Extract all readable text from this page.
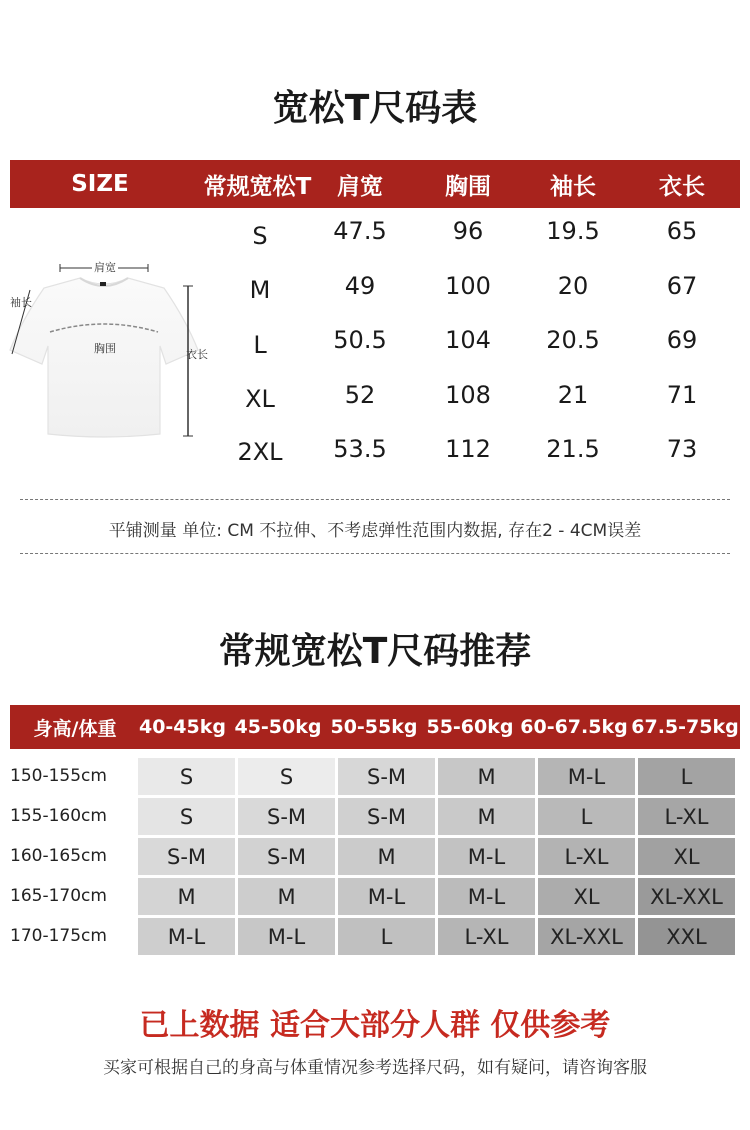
宽松T尺码表
SIZE	常规宽松T	肩宽	胸围	袖长	衣长
肩宽
袖长
胸围	衣长
S	47.5	96	19.5	65
M	49	100	20	67
L	50.5	104	20.5	69
XL	52	108	21	71
2XL	53.5	112	21.5	73
平铺测量 单位: CM 不拉伸、不考虑弹性范围内数据, 存在2 - 4CM误差
常规宽松T尺码推荐
身高/体重	40-45kg 45-50kg 50-55kg 55-60kg 60-67.5kg 67.5-75kg
150-155cm	S	S	S-M	M	M-L	L
155-160cm	S	S-M	S-M	M	L	L-XL
160-165cm	S-M	S-M	M	M-L	L-XL	XL
165-170cm	M	M	M-L	M-L	XL	XL-XXL
170-175cm	M-L	M-L	L	L-XL	XL-XXL	XXL
已上数据 适合大部分人群 仅供参考
买家可根据自己的身高与体重情况参考选择尺码，如有疑问，请咨询客服
